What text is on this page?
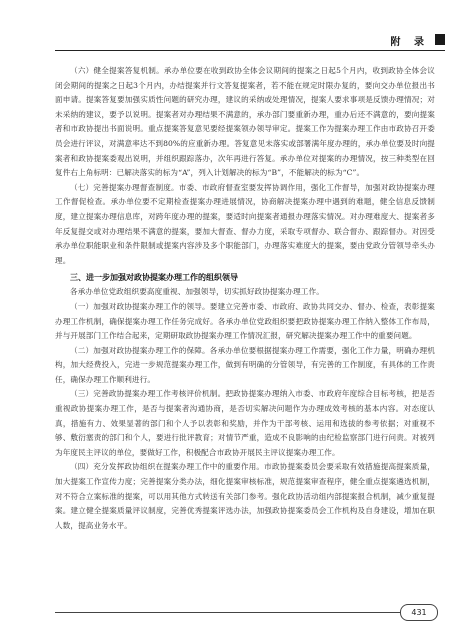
附 录

（六）健全提案答复机制。承办单位要在收到政协全体会议期间的提案之日起5个月内，收到政协全体会议闭会期间的提案之日起3个月内，办结提案并行文答复提案者，若不能在规定时限办复的，要向交办单位报出书面申请。提案答复要加强实质性问题的研究办理，建议的采纳或处理情况，提案人要求事项是反馈办理情况；对未采纳的建议，要予以说明。提案者对办理结果不满意的，承办部门要重新办理，重办后还不满意的，要向提案者和市政协提出书面说明。重点提案答复意见要经提案领办领导审定。提案工作为提案办理工作由市政协召开委员会进行评议，对满意率达不到80%的应重新办理。答复意见未落实或部署满年度办理的，承办单位要及时向提案者和政协提案委观出说明，并组织跟踪落办，次年再进行答复。承办单位对提案的办理情况，按三种类型在回复件右上角标明：已解决落实的标为“A”，列入计划解决的标为“B”，不能解决的标为“C”。

（七）完善提案办理督查制度。市委、市政府督查室要发挥协调作用，强化工作督导，加强对政协提案办理工作督促检查。承办单位要不定期检查提案办理进展情况，协商解决提案办理中遇到的难题，健全信息反馈制度，建立提案办理信息库，对跨年度办理的提案，要适时向提案者通报办理落实情况。对办理难度大、提案者多年反复提交或对办理结果不满意的提案，要加大督查、督办力度，采取专项督办、联合督办、跟踪督办。对因受承办单位职能职业和条件限制或提案内容涉及多个职能部门，办理落实难度大的提案，要由党政分管领导牵头办理。

三、进一步加强对政协提案办理工作的组织领导

各承办单位党政组织要高度重视、加强领导，切实抓好政协提案办理工作。

（一）加强对政协提案办理工作的领导。要建立完善市委、市政府、政协共同交办、督办、检查，表彰提案办理工作机制，确保提案办理工作任务完成好。各承办单位党政组织要把政协提案办理工作纳入整体工作布局，并与开展部门工作结合起来，定期研取政协提案办理工作情况汇报，研究解决提案办理工作中的重要问题。

（二）加强对政协提案办理工作的保障。各承办单位要根据提案办理工作需要，强化工作力量，明确办理机构，加大经费投入，完进一步规范提案办理工作，做到有明确的分管领导，有完善的工作制度，有具体的工作责任，确保办理工作顺利进行。

（三）完善政协提案办理工作考核评价机制。把政协提案办理纳入市委、市政府年度综合目标考核，把是否重视政协提案办理工作，是否与提案者沟通协商，是否切实解决问题作为办理成效考核的基本内容。对态度认真，措施有力、效果显著的部门和个人予以表彰和奖励，并作为干部考核、运用和选拔的参考依据；对重视不够、敷衍塞责的部门和个人，要进行批评教育；对情节严重，造成不良影响的由纪检监察部门进行问责。对被列为年度民主评议的单位，要做好工作，积极配合市政协开展民主评议提案办理工作。

（四）充分发挥政协组织在提案办理工作中的重要作用。市政协提案委员会要采取有效措施提高提案质量，加大提案工作宣传力度；完善提案分类办法，细化提案审核标准，规范提案审查程序，健全重点提案遴选机制，对不符合立案标准的提案，可以用其他方式转送有关部门参考。强化政协活动组内部提案报合机制，减少重复提案。建立健全提案质量评议制度，完善优秀提案评选办法，加强政协提案委员会工作机构及自身建设，增加在职人数，提高业务水平。

431
